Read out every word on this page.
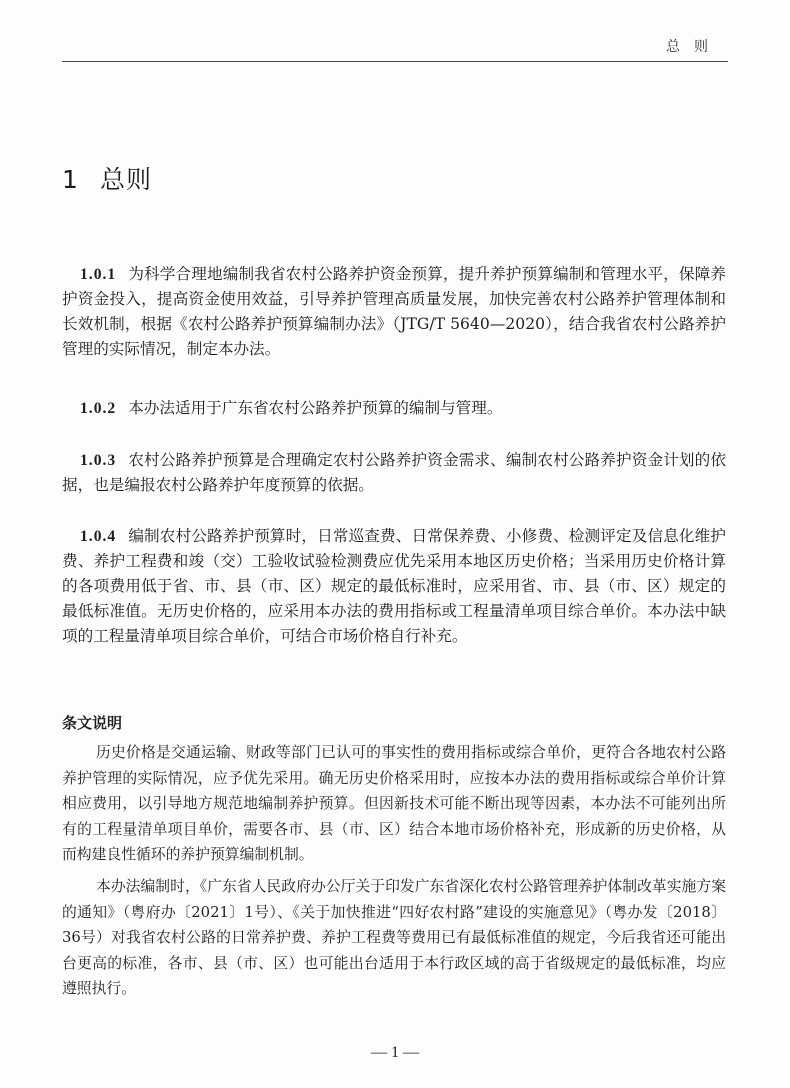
总则
1 总则

1.0.1 为科学合理地编制我省农村公路养护资金预算，提升养护预算编制和管理水平，保障养护资金投入，提高资金使用效益，引导养护管理高质量发展，加快完善农村公路养护管理体制和长效机制，根据《农村公路养护预算编制办法》（JTG/T 5640—2020），结合我省农村公路养护管理的实际情况，制定本办法。

1.0.2 本办法适用于广东省农村公路养护预算的编制与管理。

1.0.3 农村公路养护预算是合理确定农村公路养护资金需求、编制农村公路养护资金计划的依据，也是编报农村公路养护年度预算的依据。

1.0.4 编制农村公路养护预算时，日常巡查费、日常保养费、小修费、检测评定及信息化维护费、养护工程费和竣（交）工验收试验检测费应优先采用本地区历史价格；当采用历史价格计算的各项费用低于省、市、县（市、区）规定的最低标准时，应采用省、市、县（市、区）规定的最低标准值。无历史价格的，应采用本办法的费用指标或工程量清单项目综合单价。本办法中缺项的工程量清单项目综合单价，可结合市场价格自行补充。

条文说明

历史价格是交通运输、财政等部门已认可的事实性的费用指标或综合单价，更符合各地农村公路养护管理的实际情况，应予优先采用。确无历史价格采用时，应按本办法的费用指标或综合单价计算相应费用，以引导地方规范地编制养护预算。但因新技术可能不断出现等因素，本办法不可能列出所有的工程量清单项目单价，需要各市、县（市、区）结合本地市场价格补充，形成新的历史价格，从而构建良性循环的养护预算编制机制。

本办法编制时，《广东省人民政府办公厅关于印发广东省深化农村公路管理养护体制改革实施方案的通知》（粤府办〔2021〕1号）、《关于加快推进“四好农村路”建设的实施意见》（粤办发〔2018〕36号）对我省农村公路的日常养护费、养护工程费等费用已有最低标准值的规定，今后我省还可能出台更高的标准，各市、县（市、区）也可能出台适用于本行政区域的高于省级规定的最低标准，均应遵照执行。

— 1 —
